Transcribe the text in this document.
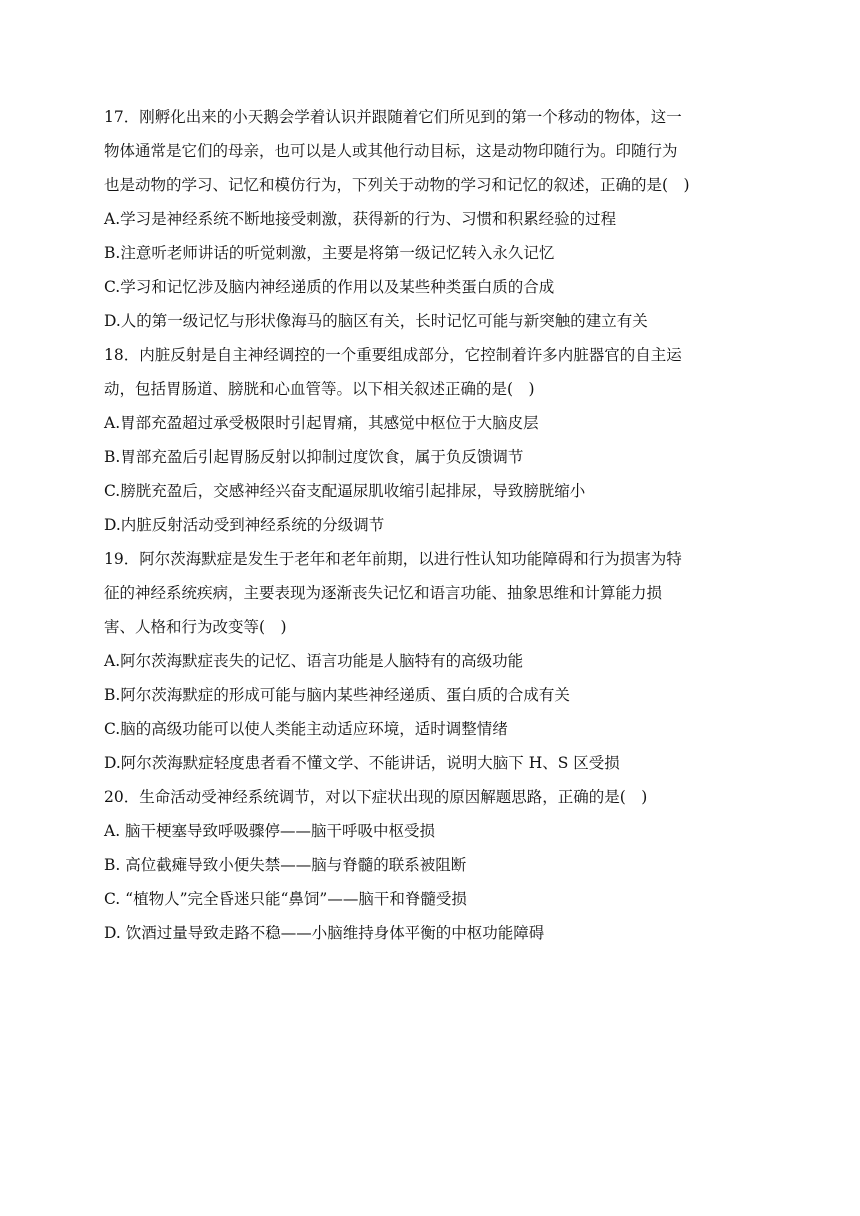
17．刚孵化出来的小天鹅会学着认识并跟随着它们所见到的第一个移动的物体，这一
物体通常是它们的母亲，也可以是人或其他行动目标，这是动物印随行为。印随行为
也是动物的学习、记忆和模仿行为，下列关于动物的学习和记忆的叙述，正确的是(　)
A.学习是神经系统不断地接受刺激，获得新的行为、习惯和积累经验的过程
B.注意听老师讲话的听觉刺激，主要是将第一级记忆转入永久记忆
C.学习和记忆涉及脑内神经递质的作用以及某些种类蛋白质的合成
D.人的第一级记忆与形状像海马的脑区有关，长时记忆可能与新突触的建立有关
18．内脏反射是自主神经调控的一个重要组成部分，它控制着许多内脏器官的自主运
动，包括胃肠道、膀胱和心血管等。以下相关叙述正确的是(　)
A.胃部充盈超过承受极限时引起胃痛，其感觉中枢位于大脑皮层
B.胃部充盈后引起胃肠反射以抑制过度饮食，属于负反馈调节
C.膀胱充盈后，交感神经兴奋支配逼尿肌收缩引起排尿，导致膀胱缩小
D.内脏反射活动受到神经系统的分级调节
19．阿尔茨海默症是发生于老年和老年前期，以进行性认知功能障碍和行为损害为特
征的神经系统疾病，主要表现为逐渐丧失记忆和语言功能、抽象思维和计算能力损
害、人格和行为改变等(　)
A.阿尔茨海默症丧失的记忆、语言功能是人脑特有的高级功能
B.阿尔茨海默症的形成可能与脑内某些神经递质、蛋白质的合成有关
C.脑的高级功能可以使人类能主动适应环境，适时调整情绪
D.阿尔茨海默症轻度患者看不懂文学、不能讲话，说明大脑下 H、S 区受损
20．生命活动受神经系统调节，对以下症状出现的原因解题思路，正确的是(　)
A. 脑干梗塞导致呼吸骤停——脑干呼吸中枢受损
B. 高位截瘫导致小便失禁——脑与脊髓的联系被阻断
C. “植物人”完全昏迷只能“鼻饲”——脑干和脊髓受损
D. 饮酒过量导致走路不稳——小脑维持身体平衡的中枢功能障碍
